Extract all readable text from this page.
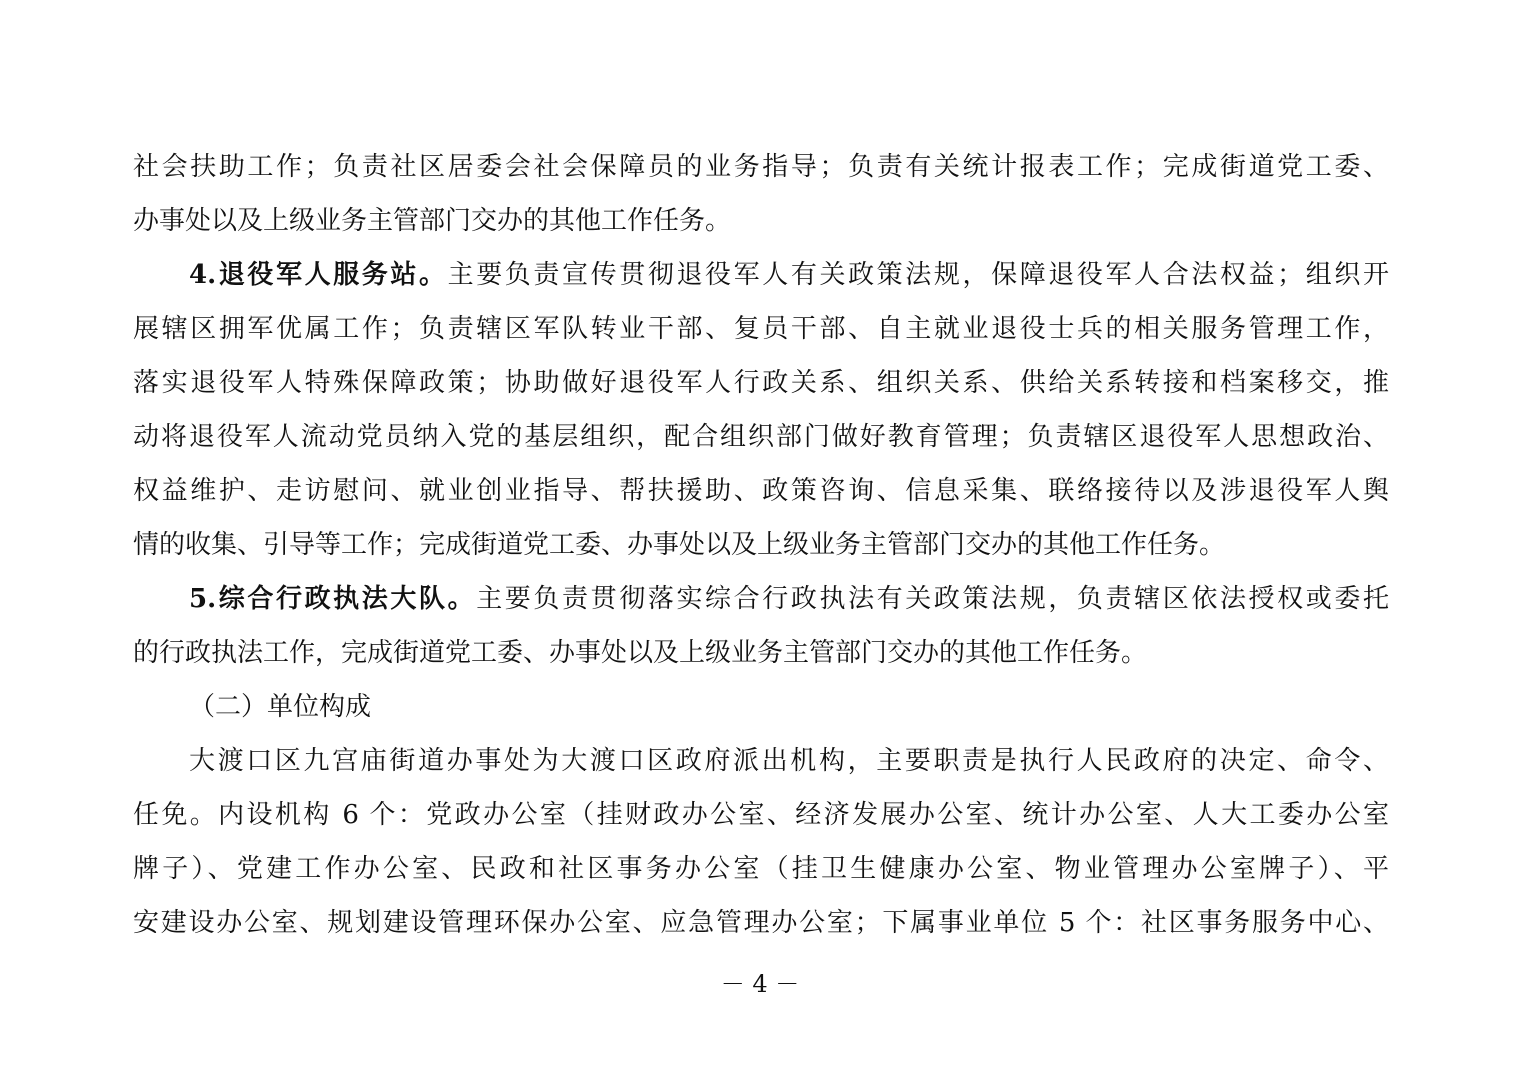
社会扶助工作；负责社区居委会社会保障员的业务指导；负责有关统计报表工作；完成街道党工委、
办事处以及上级业务主管部门交办的其他工作任务。
4.退役军人服务站。主要负责宣传贯彻退役军人有关政策法规，保障退役军人合法权益；组织开
展辖区拥军优属工作；负责辖区军队转业干部、复员干部、自主就业退役士兵的相关服务管理工作，
落实退役军人特殊保障政策；协助做好退役军人行政关系、组织关系、供给关系转接和档案移交，推
动将退役军人流动党员纳入党的基层组织，配合组织部门做好教育管理；负责辖区退役军人思想政治、
权益维护、走访慰问、就业创业指导、帮扶援助、政策咨询、信息采集、联络接待以及涉退役军人舆
情的收集、引导等工作；完成街道党工委、办事处以及上级业务主管部门交办的其他工作任务。
5.综合行政执法大队。主要负责贯彻落实综合行政执法有关政策法规，负责辖区依法授权或委托
的行政执法工作，完成街道党工委、办事处以及上级业务主管部门交办的其他工作任务。
（二）单位构成
大渡口区九宫庙街道办事处为大渡口区政府派出机构，主要职责是执行人民政府的决定、命令、
任免。内设机构 6 个：党政办公室（挂财政办公室、经济发展办公室、统计办公室、人大工委办公室
牌子）、党建工作办公室、民政和社区事务办公室（挂卫生健康办公室、物业管理办公室牌子）、平
安建设办公室、规划建设管理环保办公室、应急管理办公室；下属事业单位 5 个：社区事务服务中心、
－ 4 －
